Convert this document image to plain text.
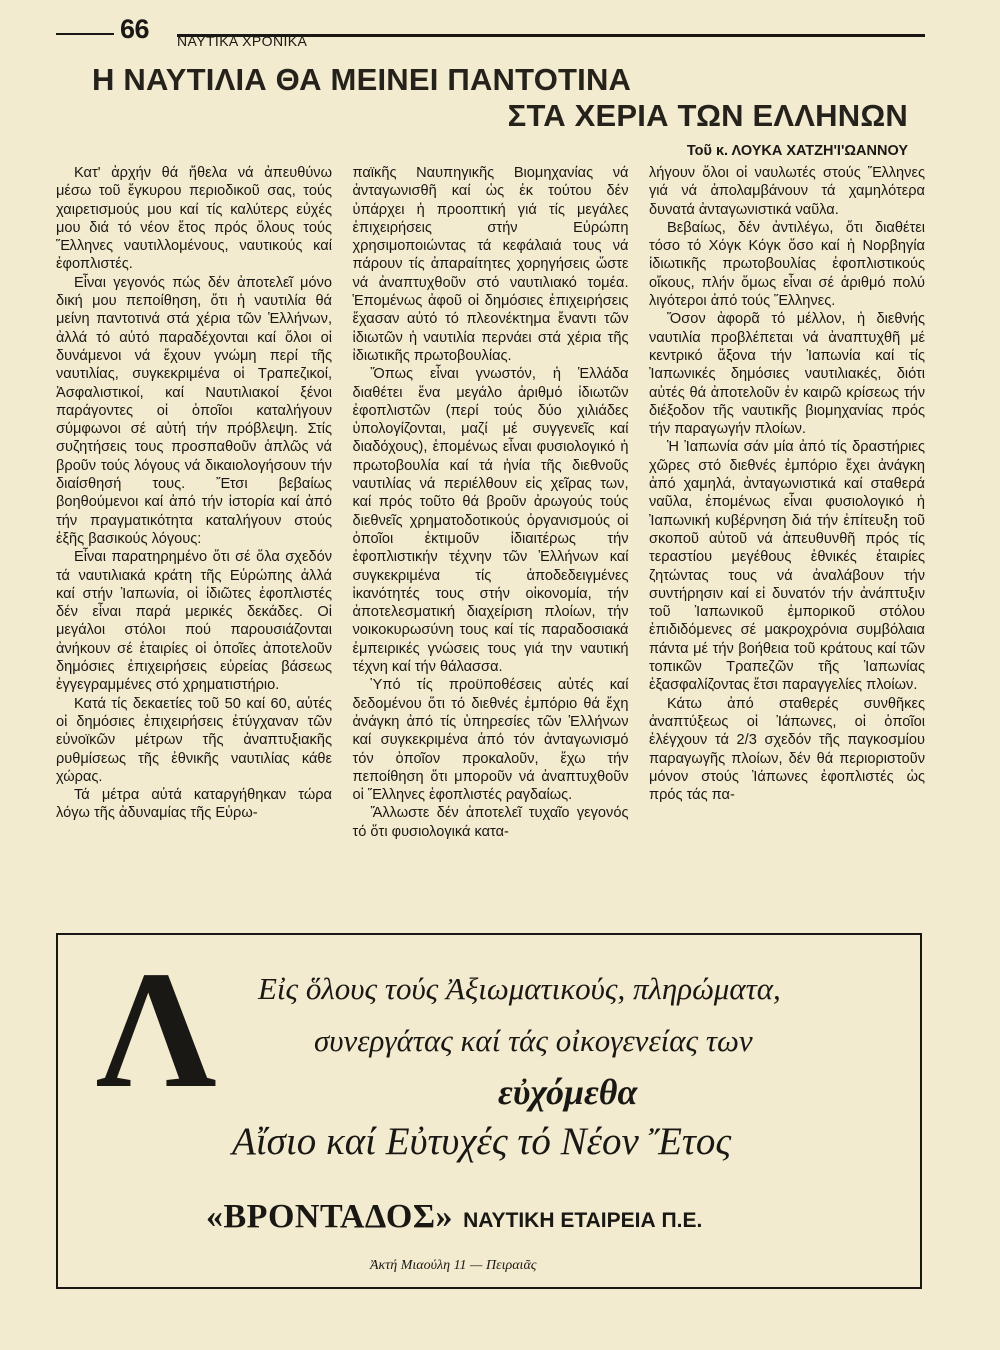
66 ΝΑΥΤΙΚΑ ΧΡΟΝΙΚΑ
Η ΝΑΥΤΙΛΙΑ ΘΑ ΜΕΙΝΕΙ ΠΑΝΤΟΤΙΝΑ
ΣΤΑ ΧΕΡΙΑ ΤΩΝ ΕΛΛΗΝΩΝ
Τοῦ κ. ΛΟΥΚΑ ΧΑΤΖΗ'Ι'ΩΑΝΝΟΥ

Κατ' ἀρχήν θά ἤθελα νά ἀπευθύνω μέσω τοῦ ἔγκυρου περιοδικοῦ σας, τούς χαιρετισμούς μου καί τίς καλύτερς εὐχές μου διά τό νέον ἔτος πρός ὅλους τούς Ἕλληνες ναυτιλλομένους, ναυτικούς καί ἐφοπλιστές.

Εἶναι γεγονός πώς δέν ἀποτελεῖ μόνο δική μου πεποίθηση, ὅτι ἡ ναυτιλία θά μείνη παντοτινά στά χέρια τῶν Ἑλλήνων, ἀλλά τό αὐτό παραδέχονται καί ὅλοι οἱ δυνάμενοι νά ἔχουν γνώμη περί τῆς ναυτιλίας, συγκεκριμένα οἱ Τραπεζικοί, Ἀσφαλιστικοί, καί Ναυτιλιακοί ξένοι παράγοντες οἱ ὁποῖοι καταλήγουν σύμφωνοι σέ αὐτή τήν πρόβλεψη. Στίς συζητήσεις τους προσπαθοῦν ἁπλῶς νά βροῦν τούς λόγους νά δικαιολογήσουν τήν διαίσθησή τους. Ἔτσι βεβαίως βοηθούμενοι καί ἀπό τήν ἱστορία καί ἀπό τήν πραγματικότητα καταλήγουν στούς ἑξῆς βασικούς λόγους:

Εἶναι παρατηρημένο ὅτι σέ ὅλα σχεδόν τά ναυτιλιακά κράτη τῆς Εὐρώπης ἀλλά καί στήν Ἰαπωνία, οἱ ἰδιῶτες ἐφοπλιστές δέν εἶναι παρά μερικές δεκάδες. Οἱ μεγάλοι στόλοι πού παρουσιάζονται ἀνήκουν σέ ἑταιρίες οἱ ὁποῖες ἀποτελοῦν δημόσιες ἐπιχειρήσεις εὐρείας βάσεως ἐγγεγραμμένες στό χρηματιστήριο.

Κατά τίς δεκαετίες τοῦ 50 καί 60, αὐτές οἱ δημόσιες ἐπιχειρήσεις ἐτύγχαναν τῶν εὐνοϊκῶν μέτρων τῆς ἀναπτυξιακῆς ρυθμίσεως τῆς ἐθνικῆς ναυτιλίας κάθε χώρας.

Τά μέτρα αὐτά καταργήθηκαν τώρα λόγω τῆς ἀδυναμίας τῆς Εὐρω-

παϊκῆς Ναυπηγικῆς Βιομηχανίας νά ἀνταγωνισθῆ καί ὡς ἐκ τούτου δέν ὑπάρχει ἡ προοπτική γιά τίς μεγάλες ἐπιχειρήσεις στήν Εὐρώπη χρησιμοποιώντας τά κεφάλαιά τους νά πάρουν τίς ἀπαραίτητες χορηγήσεις ὥστε νά ἀναπτυχθοῦν στό ναυτιλιακό τομέα. Ἑπομένως ἀφοῦ οἱ δημόσιες ἐπιχειρήσεις ἔχασαν αὐτό τό πλεονέκτημα ἔναντι τῶν ἰδιωτῶν ἡ ναυτιλία περνάει στά χέρια τῆς ἰδιωτικῆς πρωτοβουλίας.

Ὅπως εἶναι γνωστόν, ἡ Ἑλλάδα διαθέτει ἕνα μεγάλο ἀριθμό ἰδιωτῶν ἐφοπλιστῶν (περί τούς δύο χιλιάδες ὑπολογίζονται, μαζί μέ συγγενεῖς καί διαδόχους), ἑπομένως εἶναι φυσιολογικό ἡ πρωτοβουλία καί τά ἡνία τῆς διεθνοῦς ναυτιλίας νά περιέλθουν εἰς χεῖρας των, καί πρός τοῦτο θά βροῦν ἀρωγούς τούς διεθνεῖς χρηματοδοτικούς ὀργανισμούς οἱ ὁποῖοι ἐκτιμοῦν ἰδιαιτέρως τήν ἐφοπλιστικήν τέχνην τῶν Ἑλλήνων καί συγκεκριμένα τίς ἀποδεδειγμένες ἱκανότητές τους στήν οἰκονομία, τήν ἀποτελεσματική διαχείριση πλοίων, τήν νοικοκυρωσύνη τους καί τίς παραδοσιακά ἐμπειρικές γνώσεις τους γιά την ναυτική τέχνη καί τήν θάλασσα.

Ὑπό τίς προϋποθέσεις αὐτές καί δεδομένου ὅτι τό διεθνές ἐμπόριο θά ἔχη ἀνάγκη ἀπό τίς ὑπηρεσίες τῶν Ἑλλήνων καί συγκεκριμένα ἀπό τόν ἀνταγωνισμό τόν ὁποῖον προκαλοῦν, ἔχω τήν πεποίθηση ὅτι μποροῦν νά ἀναπτυχθοῦν οἱ Ἕλληνες ἐφοπλιστές ραγδαίως.

Ἄλλωστε δέν ἀποτελεῖ τυχαῖο γεγονός τό ὅτι φυσιολογικά κατα-

λήγουν ὅλοι οἱ ναυλωτές στούς Ἕλληνες γιά νά ἀπολαμβάνουν τά χαμηλότερα δυνατά ἀνταγωνιστικά ναῦλα.

Βεβαίως, δέν ἀντιλέγω, ὅτι διαθέτει τόσο τό Χόγκ Κόγκ ὅσο καί ἡ Νορβηγία ἰδιωτικῆς πρωτοβουλίας ἐφοπλιστικούς οἴκους, πλήν ὅμως εἶναι σέ ἀριθμό πολύ λιγότεροι ἀπό τούς Ἕλληνες.

Ὅσον ἀφορᾶ τό μέλλον, ἡ διεθνής ναυτιλία προβλέπεται νά ἀναπτυχθῆ μέ κεντρικό ἄξονα τήν Ἰαπωνία καί τίς Ἰαπωνικές δημόσιες ναυτιλιακές, διότι αὐτές θά ἀποτελοῦν ἐν καιρῶ κρίσεως τήν διέξοδον τῆς ναυτικῆς βιομηχανίας πρός τήν παραγωγήν πλοίων.

Ἡ Ἰαπωνία σάν μία ἀπό τίς δραστήριες χῶρες στό διεθνές ἐμπόριο ἔχει ἀνάγκη ἀπό χαμηλά, ἀνταγωνιστικά καί σταθερά ναῦλα, ἑπομένως εἶναι φυσιολογικό ἡ Ἰαπωνική κυβέρνηση διά τήν ἐπίτευξη τοῦ σκοποῦ αὐτοῦ νά ἀπευθυνθῆ πρός τίς τεραστίου μεγέθους ἐθνικές ἑταιρίες ζητώντας τους νά ἀναλάβουν τήν συντήρησιν καί εἰ δυνατόν τήν ἀνάπτυξιν τοῦ Ἰαπωνικοῦ ἐμπορικοῦ στόλου ἐπιδιδόμενες σέ μακροχρόνια συμβόλαια πάντα μέ τήν βοήθεια τοῦ κράτους καί τῶν τοπικῶν Τραπεζῶν τῆς Ἰαπωνίας ἐξασφαλίζοντας ἔτσι παραγγελίες πλοίων.

Κάτω ἀπό σταθερές συνθῆκες ἀναπτύξεως οἱ Ἰάπωνες, οἱ ὁποῖοι ἐλέγχουν τά 2/3 σχεδόν τῆς παγκοσμίου παραγωγῆς πλοίων, δέν θά περιοριστοῦν μόνον στούς Ἰάπωνες ἐφοπλιστές ὡς πρός τάς πα-

Λ Εἰς ὅλους τούς Ἀξιωματικούς, πληρώματα,
συνεργάτας καί τάς οἰκογενείας των
εὐχόμεθα
Αἴσιο καί Εὐτυχές τό Νέον Ἔτος
«ΒΡΟΝΤΑΔΟΣ» ΝΑΥΤΙΚΗ ΕΤΑΙΡΕΙΑ Π.Ε.
Ἀκτή Μιαούλη 11 — Πειραιᾶς
